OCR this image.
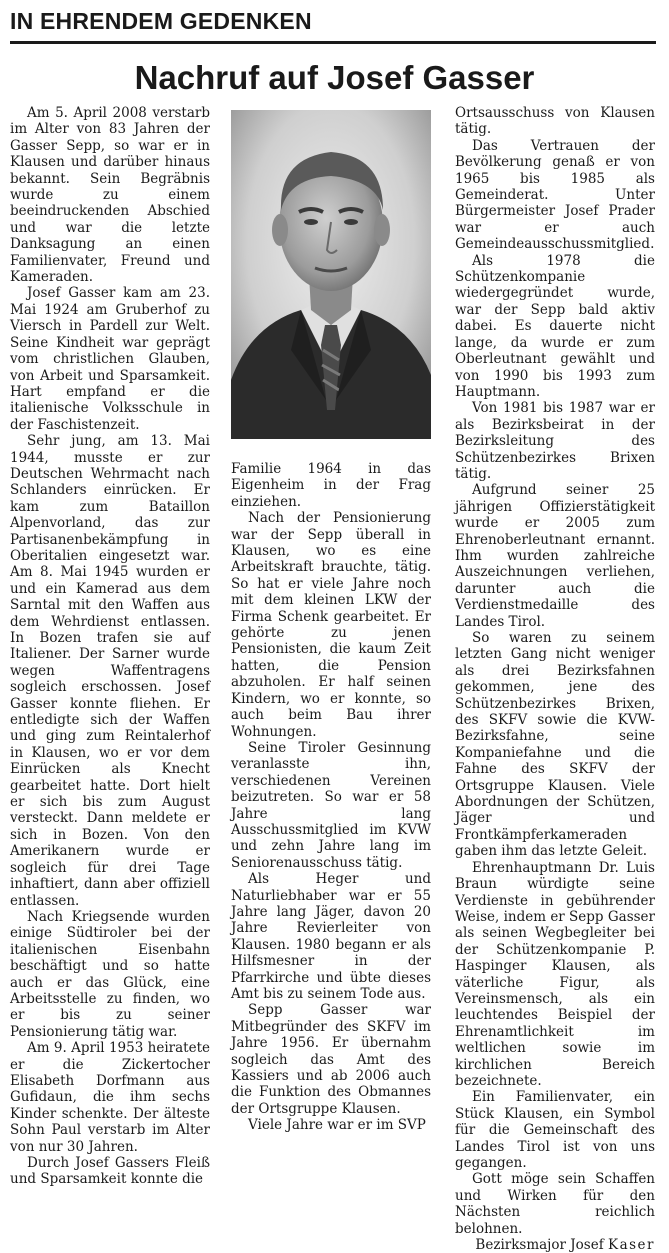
IN EHRENDEM GEDENKEN
Nachruf auf Josef Gasser

Am 5. April 2008 verstarb im Alter von 83 Jahren der Gasser Sepp, so war er in Klausen und darüber hinaus bekannt. Sein Begräbnis wurde zu einem beeindruckenden Abschied und war die letzte Danksagung an einen Familienvater, Freund und Kameraden.

Josef Gasser kam am 23. Mai 1924 am Gruberhof zu Viersch in Pardell zur Welt. Seine Kindheit war geprägt vom christlichen Glauben, von Arbeit und Sparsamkeit. Hart empfand er die italienische Volksschule in der Faschistenzeit.

Sehr jung, am 13. Mai 1944, musste er zur Deutschen Wehrmacht nach Schlanders einrücken. Er kam zum Bataillon Alpenvorland, das zur Partisanenbekämpfung in Oberitalien eingesetzt war. Am 8. Mai 1945 wurden er und ein Kamerad aus dem Sarntal mit den Waffen aus dem Wehrdienst entlassen. In Bozen trafen sie auf Italiener. Der Sarner wurde wegen Waffentragens sogleich erschossen. Josef Gasser konnte fliehen. Er entledigte sich der Waffen und ging zum Reintalerhof in Klausen, wo er vor dem Einrücken als Knecht gearbeitet hatte. Dort hielt er sich bis zum August versteckt. Dann meldete er sich in Bozen. Von den Amerikanern wurde er sogleich für drei Tage inhaftiert, dann aber offiziell entlassen.

Nach Kriegsende wurden einige Südtiroler bei der italienischen Eisenbahn beschäftigt und so hatte auch er das Glück, eine Arbeitsstelle zu finden, wo er bis zu seiner Pensionierung tätig war.

Am 9. April 1953 heiratete er die Zickertocher Elisabeth Dorfmann aus Gufidaun, die ihm sechs Kinder schenkte. Der älteste Sohn Paul verstarb im Alter von nur 30 Jahren.

Durch Josef Gassers Fleiß und Sparsamkeit konnte die

Familie 1964 in das Eigenheim in der Frag einziehen.

Nach der Pensionierung war der Sepp überall in Klausen, wo es eine Arbeitskraft brauchte, tätig. So hat er viele Jahre noch mit dem kleinen LKW der Firma Schenk gearbeitet. Er gehörte zu jenen Pensionisten, die kaum Zeit hatten, die Pension abzuholen. Er half seinen Kindern, wo er konnte, so auch beim Bau ihrer Wohnungen.

Seine Tiroler Gesinnung veranlasste ihn, verschiedenen Vereinen beizutreten. So war er 58 Jahre lang Ausschussmitglied im KVW und zehn Jahre lang im Seniorenausschuss tätig.

Als Heger und Naturliebhaber war er 55 Jahre lang Jäger, davon 20 Jahre Revierleiter von Klausen. 1980 begann er als Hilfsmesner in der Pfarrkirche und übte dieses Amt bis zu seinem Tode aus.

Sepp Gasser war Mitbegründer des SKFV im Jahre 1956. Er übernahm sogleich das Amt des Kassiers und ab 2006 auch die Funktion des Obmannes der Ortsgruppe Klausen.

Viele Jahre war er im SVP

Ortsausschuss von Klausen tätig.

Das Vertrauen der Bevölkerung genaß er von 1965 bis 1985 als Gemeinderat. Unter Bürgermeister Josef Prader war er auch Gemeindeausschussmitglied.

Als 1978 die Schützenkompanie wiedergegründet wurde, war der Sepp bald aktiv dabei. Es dauerte nicht lange, da wurde er zum Oberleutnant gewählt und von 1990 bis 1993 zum Hauptmann.

Von 1981 bis 1987 war er als Bezirksbeirat in der Bezirksleitung des Schützenbezirkes Brixen tätig.

Aufgrund seiner 25 jährigen Offizierstätigkeit wurde er 2005 zum Ehrenoberleutnant ernannt. Ihm wurden zahlreiche Auszeichnungen verliehen, darunter auch die Verdienstmedaille des Landes Tirol.

So waren zu seinem letzten Gang nicht weniger als drei Bezirksfahnen gekommen, jene des Schützenbezirkes Brixen, des SKFV sowie die KVW-Bezirksfahne, seine Kompaniefahne und die Fahne des SKFV der Ortsgruppe Klausen. Viele Abordnungen der Schützen, Jäger und Frontkämpferkameraden gaben ihm das letzte Geleit.

Ehrenhauptmann Dr. Luis Braun würdigte seine Verdienste in gebührender Weise, indem er Sepp Gasser als seinen Wegbegleiter bei der Schützenkompanie P. Haspinger Klausen, als väterliche Figur, als Vereinsmensch, als ein leuchtendes Beispiel der Ehrenamtlichkeit im weltlichen sowie im kirchlichen Bereich bezeichnete.

Ein Familienvater, ein Stück Klausen, ein Symbol für die Gemeinschaft des Landes Tirol ist von uns gegangen.

Gott möge sein Schaffen und Wirken für den Nächsten reichlich belohnen.

Bezirksmajor Josef Kaser
